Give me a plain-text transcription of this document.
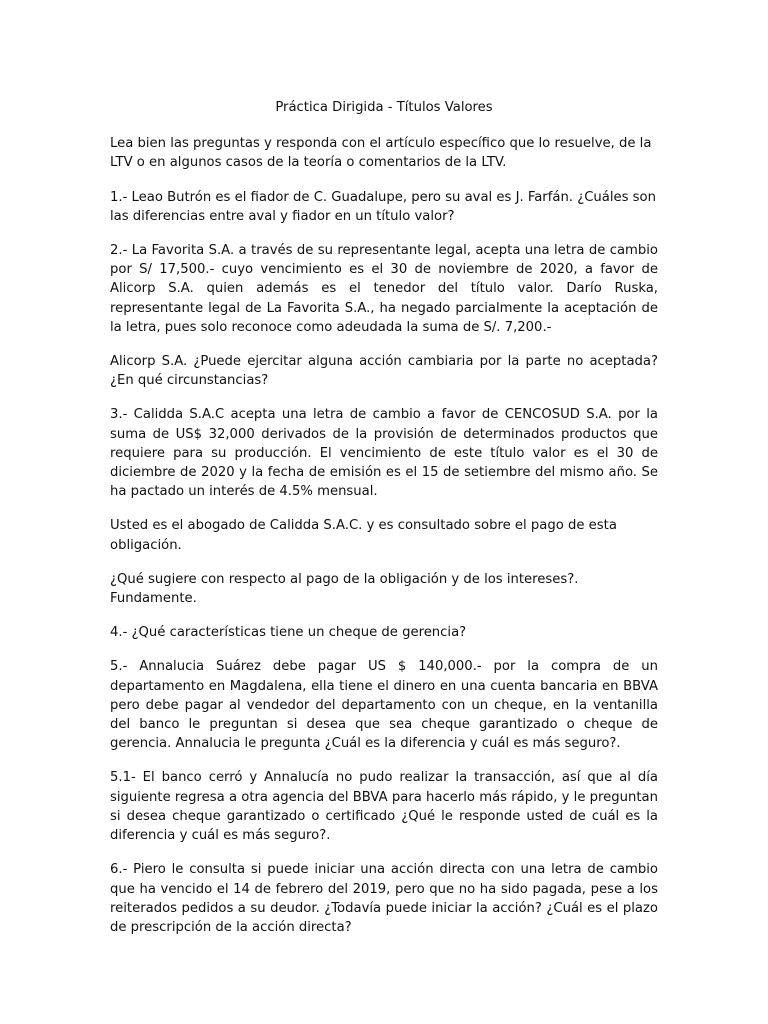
Práctica Dirigida - Títulos Valores

Lea bien las preguntas y responda con el artículo específico que lo resuelve, de la LTV o en algunos casos de la teoría o comentarios de la LTV.

1.- Leao Butrón es el fiador de C. Guadalupe, pero su aval es J. Farfán. ¿Cuáles son las diferencias entre aval y fiador en un título valor?

2.- La Favorita S.A. a través de su representante legal, acepta una letra de cambio por S/ 17,500.- cuyo vencimiento es el 30 de noviembre de 2020, a favor de Alicorp S.A. quien además es el tenedor del título valor. Darío Ruska, representante legal de La Favorita S.A., ha negado parcialmente la aceptación de la letra, pues solo reconoce como adeudada la suma de S/. 7,200.-

Alicorp S.A. ¿Puede ejercitar alguna acción cambiaria por la parte no aceptada? ¿En qué circunstancias?

3.- Calidda S.A.C acepta una letra de cambio a favor de CENCOSUD S.A. por la suma de US$ 32,000 derivados de la provisión de determinados productos que requiere para su producción. El vencimiento de este título valor es el 30 de diciembre de 2020 y la fecha de emisión es el 15 de setiembre del mismo año. Se ha pactado un interés de 4.5% mensual.

Usted es el abogado de Calidda S.A.C. y es consultado sobre el pago de esta obligación.

¿Qué sugiere con respecto al pago de la obligación y de los intereses?. Fundamente.

4.- ¿Qué características tiene un cheque de gerencia?

5.- Annalucia Suárez debe pagar US $ 140,000.- por la compra de un departamento en Magdalena, ella tiene el dinero en una cuenta bancaria en BBVA pero debe pagar al vendedor del departamento con un cheque, en la ventanilla del banco le preguntan si desea que sea cheque garantizado o cheque de gerencia. Annalucia le pregunta ¿Cuál es la diferencia y cuál es más seguro?.

5.1- El banco cerró y Annalucía no pudo realizar la transacción, así que al día siguiente regresa a otra agencia del BBVA para hacerlo más rápido, y le preguntan si desea cheque garantizado o certificado ¿Qué le responde usted de cuál es la diferencia y cuál es más seguro?.

6.- Piero le consulta si puede iniciar una acción directa con una letra de cambio que ha vencido el 14 de febrero del 2019, pero que no ha sido pagada, pese a los reiterados pedidos a su deudor. ¿Todavía puede iniciar la acción? ¿Cuál es el plazo de prescripción de la acción directa?
